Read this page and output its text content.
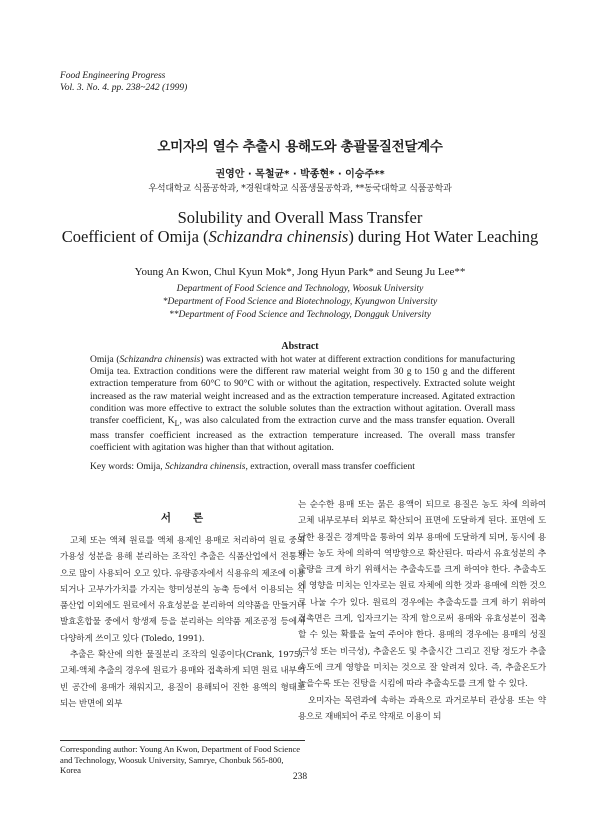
Food Engineering Progress
Vol. 3. No. 4. pp. 238~242 (1999)
오미자의 열수 추출시 용해도와 총괄물질전달계수
권영안 · 목철균* · 박종현* · 이승주**
우석대학교 식품공학과, *경원대학교 식품생물공학과, **동국대학교 식품공학과
Solubility and Overall Mass Transfer
Coefficient of Omija (Schizandra chinensis) during Hot Water Leaching
Young An Kwon, Chul Kyun Mok*, Jong Hyun Park* and Seung Ju Lee**
Department of Food Science and Technology, Woosuk University
*Department of Food Science and Biotechnology, Kyungwon University
**Department of Food Science and Technology, Dongguk University
Abstract
Omija (Schizandra chinensis) was extracted with hot water at different extraction conditions for manufacturing Omija tea. Extraction conditions were the different raw material weight from 30 g to 150 g and the different extraction temperature from 60°C to 90°C with or without the agitation, respectively. Extracted solute weight increased as the raw material weight increased and as the extraction temperature increased. Agitated extraction condition was more effective to extract the soluble solutes than the extraction without agitation. Overall mass transfer coefficient, $K_L$, was also calculated from the extraction curve and the mass transfer equation. Overall mass transfer coefficient increased as the extraction temperature increased. The overall mass transfer coefficient with agitation was higher than that without agitation.
Key words: Omija, Schizandra chinensis, extraction, overall mass transfer coefficient
서론

고체 또는 액체 원료를 액체 용제인 용매로 처리하여 원료 중의 가용성 성분을 용해 분리하는 조작인 추출은 식품산업에서 전통적으로 많이 사용되어 오고 있다. 유량종자에서 식용유의 제조에 이용되거나 고부가가치를 가지는 향미성분의 농축 등에서 이용되는 식품산업 이외에도 원료에서 유효성분을 분리하여 의약품을 만들거나 발효혼합물 중에서 항생제 등을 분리하는 의약품 제조공정 등에서 다양하게 쓰이고 있다 (Toledo, 1991).

추출은 확산에 의한 물질분리 조작의 일종이다(Crank, 1975). 고체-액체 추출의 경우에 원료가 용매와 접촉하게 되면 원료 내부의 빈 공간에 용매가 채워지고, 용질이 용해되어 진한 용액의 형태로 되는 반면에 외부

는 순수한 용매 또는 묽은 용액이 되므로 용질은 농도 차에 의하여 고체 내부로부터 외부로 확산되어 표면에 도달하게 된다. 표면에 도달한 용질은 경계막을 통하여 외부 용매에 도달하게 되며, 동시에 용매는 농도 차에 의하여 역방향으로 확산된다. 따라서 유효성분의 추출량을 크게 하기 위해서는 추출속도를 크게 하여야 한다. 추출속도에 영향을 미치는 인자로는 원료 자체에 의한 것과 용매에 의한 것으로 나눌 수가 있다. 원료의 경우에는 추출속도를 크게 하기 위하여 접촉면은 크게, 입자크기는 작게 함으로써 용매와 유효성분이 접촉할 수 있는 확률을 높여 주어야 한다. 용매의 경우에는 용매의 성질 (극성 또는 비극성), 추출온도 및 추출시간 그리고 진탕 정도가 추출속도에 크게 영향을 미치는 것으로 잘 알려져 있다. 즉, 추출온도가 높을수록 또는 진탕을 시킴에 따라 추출속도를 크게 할 수 있다.

오미자는 목련과에 속하는 과육으로 과거로부터 관상용 또는 약용으로 재배되어 주로 약재로 이용이 되

Corresponding author: Young An Kwon, Department of Food Science and Technology, Woosuk University, Samrye, Chonbuk 565-800, Korea
238
